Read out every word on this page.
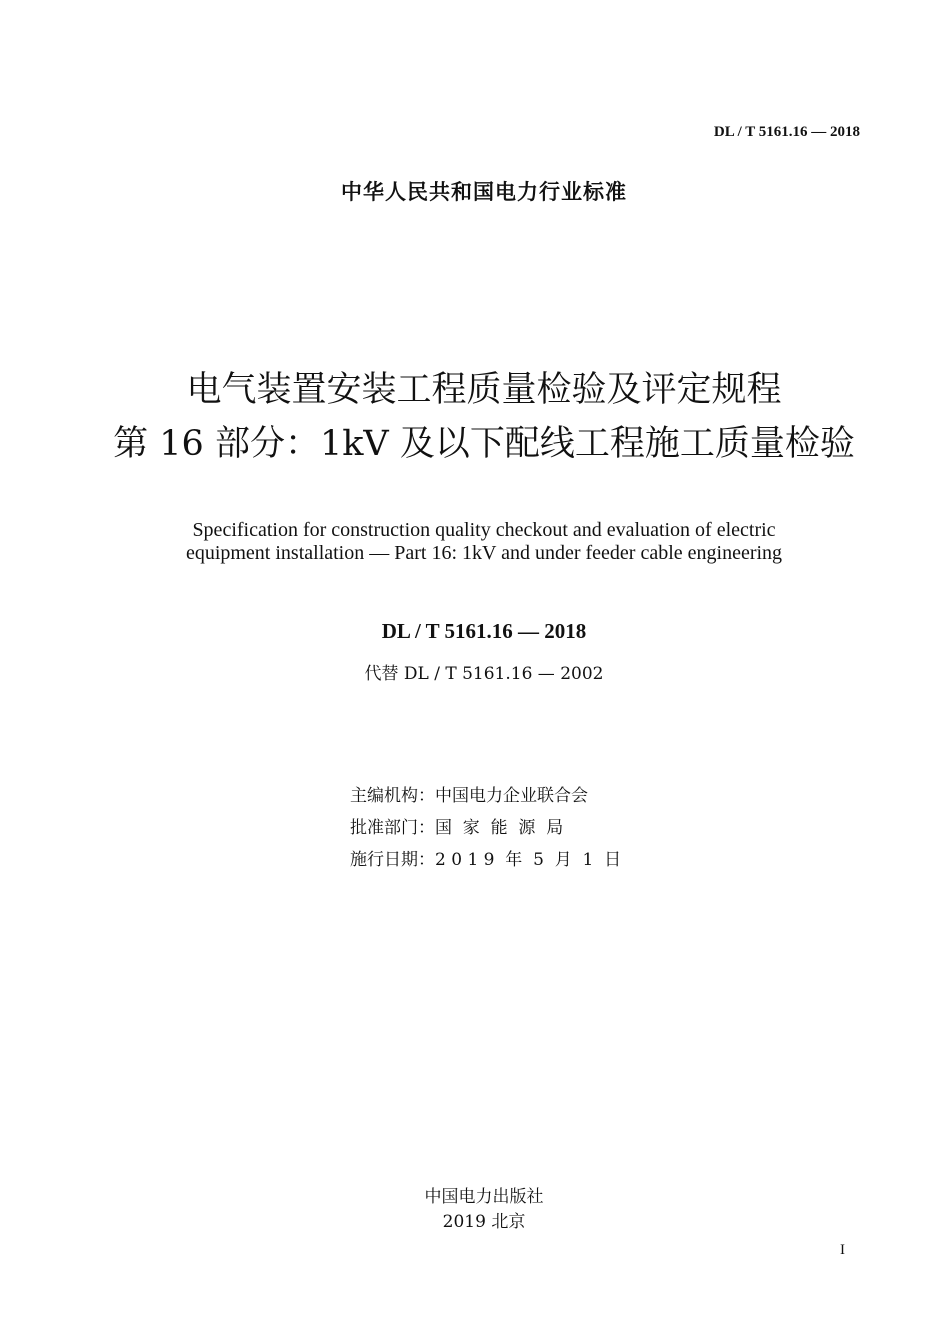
DL / T 5161.16 — 2018
中华人民共和国电力行业标准
电气装置安装工程质量检验及评定规程
第 16 部分：1kV 及以下配线工程施工质量检验
Specification for construction quality checkout and evaluation of electric
equipment installation — Part 16: 1kV and under feeder cable engineering
DL / T 5161.16 — 2018
代替 DL / T 5161.16 — 2002
主编机构：中国电力企业联合会
批准部门：国  家  能  源  局
施行日期：2 0 1 9  年  5  月  1  日
中国电力出版社
2019 北京
I
